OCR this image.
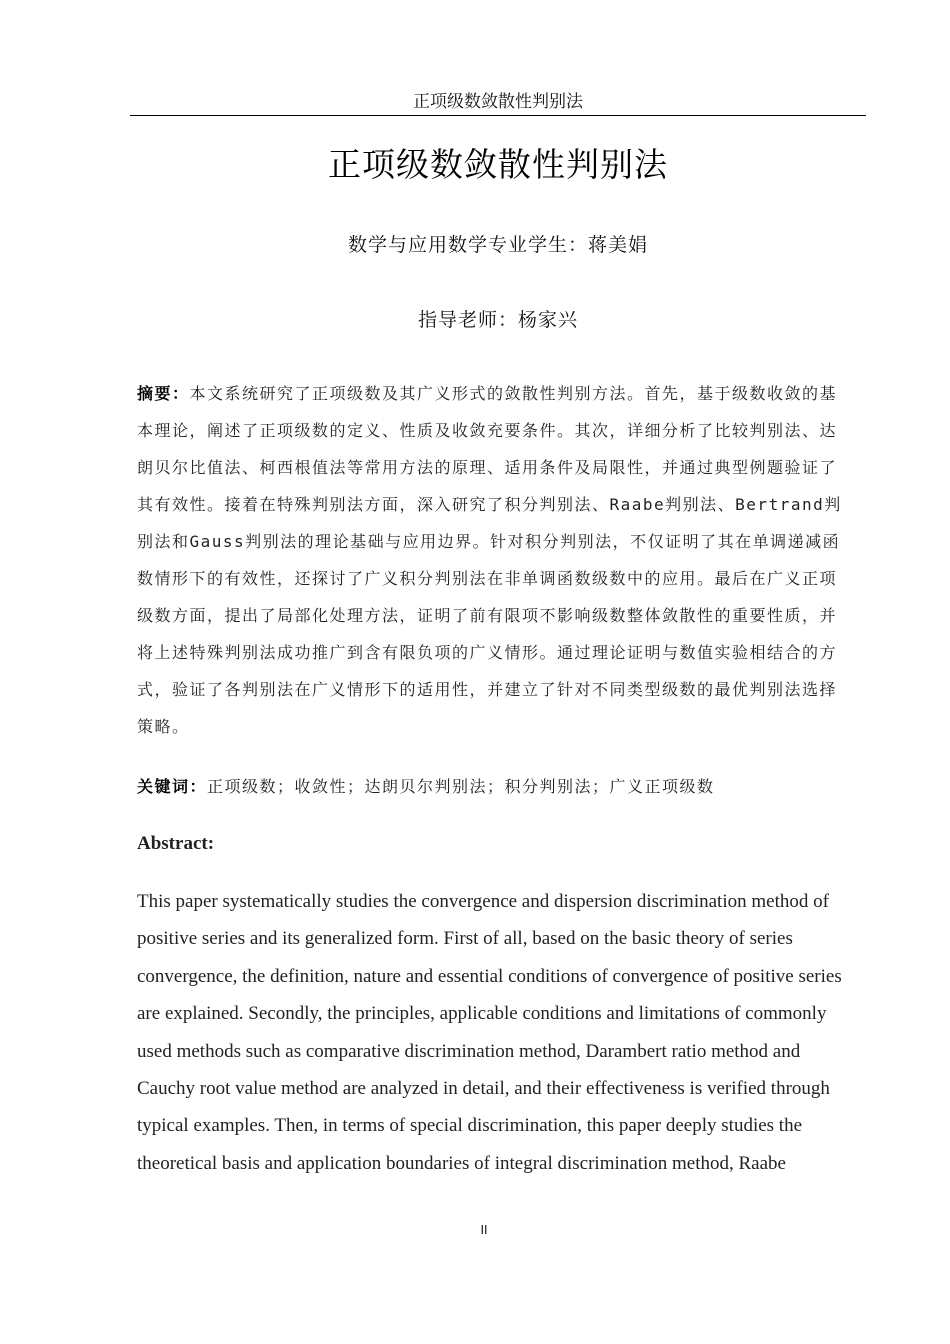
正项级数敛散性判别法
正项级数敛散性判别法
数学与应用数学专业学生：蒋美娟
指导老师：杨家兴
摘要：本文系统研究了正项级数及其广义形式的敛散性判别方法。首先，基于级数收敛的基本理论，阐述了正项级数的定义、性质及收敛充要条件。其次，详细分析了比较判别法、达朗贝尔比值法、柯西根值法等常用方法的原理、适用条件及局限性，并通过典型例题验证了其有效性。接着在特殊判别法方面，深入研究了积分判别法、Raabe判别法、Bertrand判别法和Gauss判别法的理论基础与应用边界。针对积分判别法，不仅证明了其在单调递减函数情形下的有效性，还探讨了广义积分判别法在非单调函数级数中的应用。最后在广义正项级数方面，提出了局部化处理方法，证明了前有限项不影响级数整体敛散性的重要性质，并将上述特殊判别法成功推广到含有限负项的广义情形。通过理论证明与数值实验相结合的方式，验证了各判别法在广义情形下的适用性，并建立了针对不同类型级数的最优判别法选择策略。
关键词：正项级数；收敛性；达朗贝尔判别法；积分判别法；广义正项级数
Abstract:
This paper systematically studies the convergence and dispersion discrimination method of positive series and its generalized form. First of all, based on the basic theory of series convergence, the definition, nature and essential conditions of convergence of positive series are explained. Secondly, the principles, applicable conditions and limitations of commonly used methods such as comparative discrimination method, Darambert ratio method and Cauchy root value method are analyzed in detail, and their effectiveness is verified through typical examples. Then, in terms of special discrimination, this paper deeply studies the theoretical basis and application boundaries of integral discrimination method, Raabe
II
